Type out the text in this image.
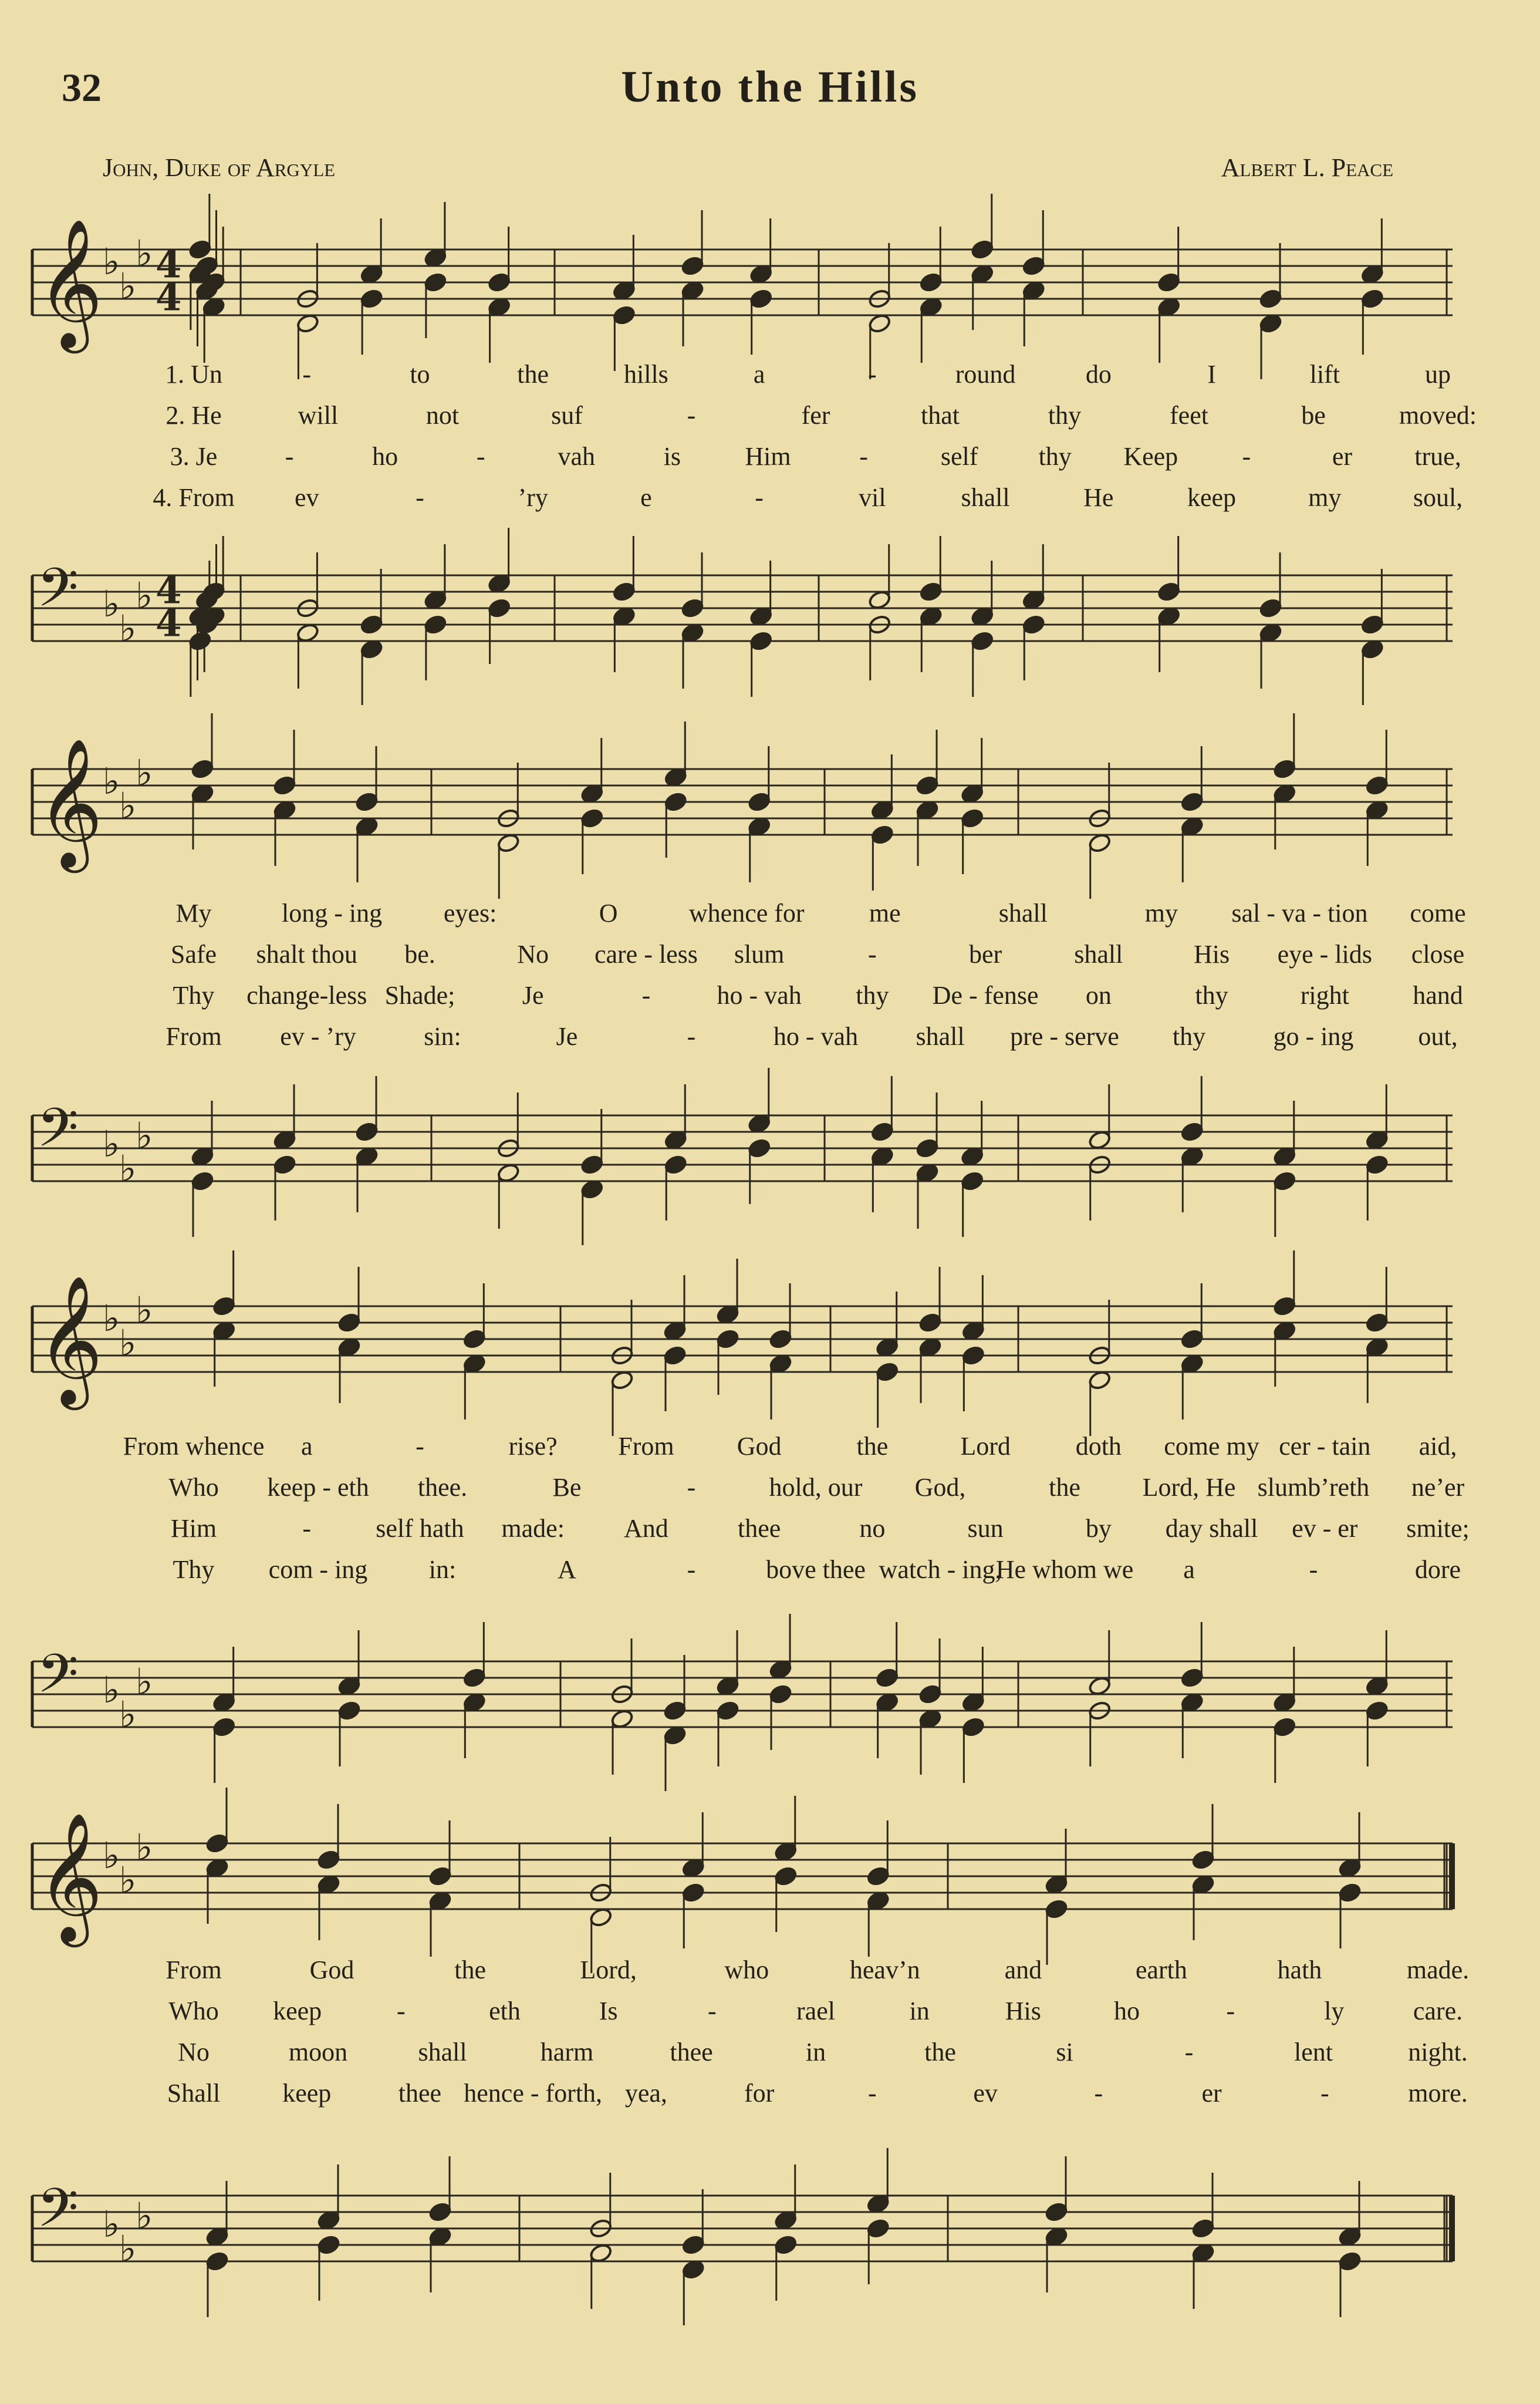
32	Unto the Hills
John, Duke of Argyle	Albert L. Peace
𝄞 ♭
♭
♭ 4
4
𝄢 ♭
♭
♭ 4
4
𝄞 ♭
♭
♭
𝄢 ♭
♭
♭
𝄞 ♭
♭
♭
𝄢 ♭
♭
♭
𝄞 ♭
♭
♭
𝄢 ♭
♭
♭
1. Un	-	to	the	hills	a	-	round	do	I	lift	up
2. He	will	not	suf	-	fer	that	thy	feet	be	moved:
3. Je	-	ho	-	vah	is Him	-	self thy Keep -	er true,
4. From ev	-	’ry	e	-	vil	shall	He	keep	my	soul,
My	long - ing eyes:	O	whence for	me	shall	my sal - va - tion come
Safe shalt thou be.	No care - less slum	-	ber	shall	His eye - lids close
Thy change-less Shade;	Je	-	ho - vah thy De - fense on	thy	right hand
From ev - ’ry	sin:	Je	-	ho - vah shall pre - serve thy	go - ing out,
From whence a	-	rise? From God	the	Lord	doth come my cer - tain aid,
Who keep - eth thee.	Be	-	hold, our God,	the Lord, He slumb’reth ne’er
Him	-	self hath made: And	thee	no	sun	by day shall ev - er smite;
Thy com - ing in:	A	-	bove thee watch - ing,
He whom we a	-	dore
From	God	the	Lord,	who	heav’n	and	earth	hath	made.
Who keep	-	eth	Is	-	rael	in	His	ho	-	ly	care.
No	moon	shall	harm	thee	in	the	si	-	lent	night.
Shall keep	thee hence - forth, yea,	for	-	ev	-	er	-	more.
